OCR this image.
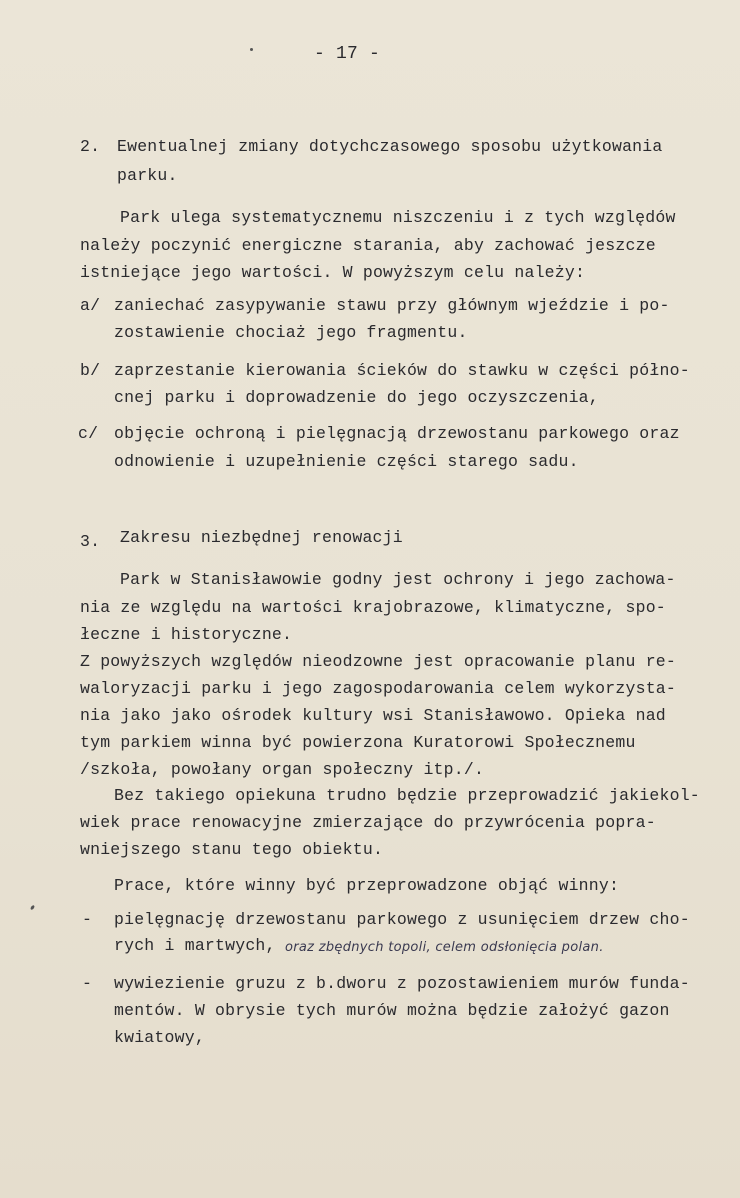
- 17 -
2. Ewentualnej zmiany dotychczasowego sposobu użytkowania
parku.
Park ulega systematycznemu niszczeniu i z tych względów
należy poczynić energiczne starania, aby zachować jeszcze
istniejące jego wartości. W powyższym celu należy:
a/ zaniechać zasypywanie stawu przy głównym wjeździe i po-
zostawienie chociaż jego fragmentu.
b/ zaprzestanie kierowania ścieków do stawku w części półno-
cnej parku i doprowadzenie do jego oczyszczenia,
c/ objęcie ochroną i pielęgnacją drzewostanu parkowego oraz
odnowienie i uzupełnienie części starego sadu.
3. Zakresu niezbędnej renowacji
Park w Stanisławowie godny jest ochrony i jego zachowa-
nia ze względu na wartości krajobrazowe, klimatyczne, spo-
łeczne i historyczne.
Z powyższych względów nieodzowne jest opracowanie planu re-
waloryzacji parku i jego zagospodarowania celem wykorzysta-
nia jako jako ośrodek kultury wsi Stanisławowo. Opieka nad
tym parkiem winna być powierzona Kuratorowi Społecznemu
/szkoła, powołany organ społeczny itp./.
Bez takiego opiekuna trudno będzie przeprowadzić jakiekol-
wiek prace renowacyjne zmierzające do przywrócenia popra-
wniejszego stanu tego obiektu.
Prace, które winny być przeprowadzone objąć winny:
- pielęgnację drzewostanu parkowego z usunięciem drzew cho-
rych i martwych, oraz zbędnych topoli, celem odsłonięcia polan.
- wywiezienie gruzu z b.dworu z pozostawieniem murów funda-
mentów. W obrysie tych murów można będzie założyć gazon
kwiatowy,
